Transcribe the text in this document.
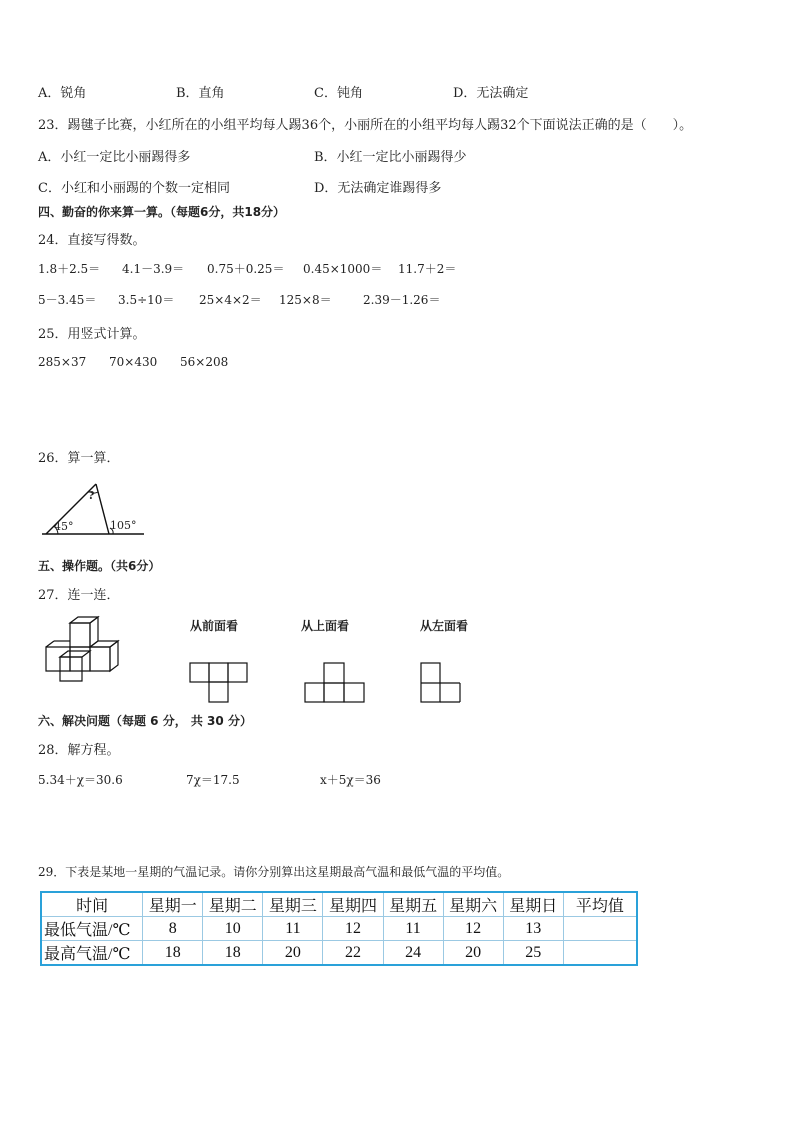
A．锐角	B．直角	C．钝角	D．无法确定
23．踢毽子比赛，小红所在的小组平均每人踢36个，小丽所在的小组平均每人踢32个下面说法正确的是（　　）。
A．小红一定比小丽踢得多	B．小红一定比小丽踢得少
C．小红和小丽踢的个数一定相同	D．无法确定谁踢得多
四、勤奋的你来算一算。（每题6分，共18分）
24．直接写得数。
1.8＋2.5＝ 4.1－3.9＝ 0.75＋0.25＝ 0.45×1000＝ 11.7＋2＝
5－3.45＝ 3.5÷10＝ 25×4×2＝ 125×8＝	2.39－1.26＝
25．用竖式计算。
285×37 70×430 56×208
26．算一算．
?
45°	105°
五、操作题。（共6分）
27．连一连．
从前面看	从上面看	从左面看
六、解决问题（每题 6 分， 共 30 分）
28．解方程。
5.34＋χ＝30.6	7χ＝17.5	x＋5χ＝36
29．下表是某地一星期的气温记录。请你分别算出这星期最高气温和最低气温的平均值。
时间	星期一	星期二	星期三	星期四	星期五	星期六	星期日	平均值
最低气温/℃	8	10	11	12	11	12	13	
最高气温/℃	18	18	20	22	24	20	25	
